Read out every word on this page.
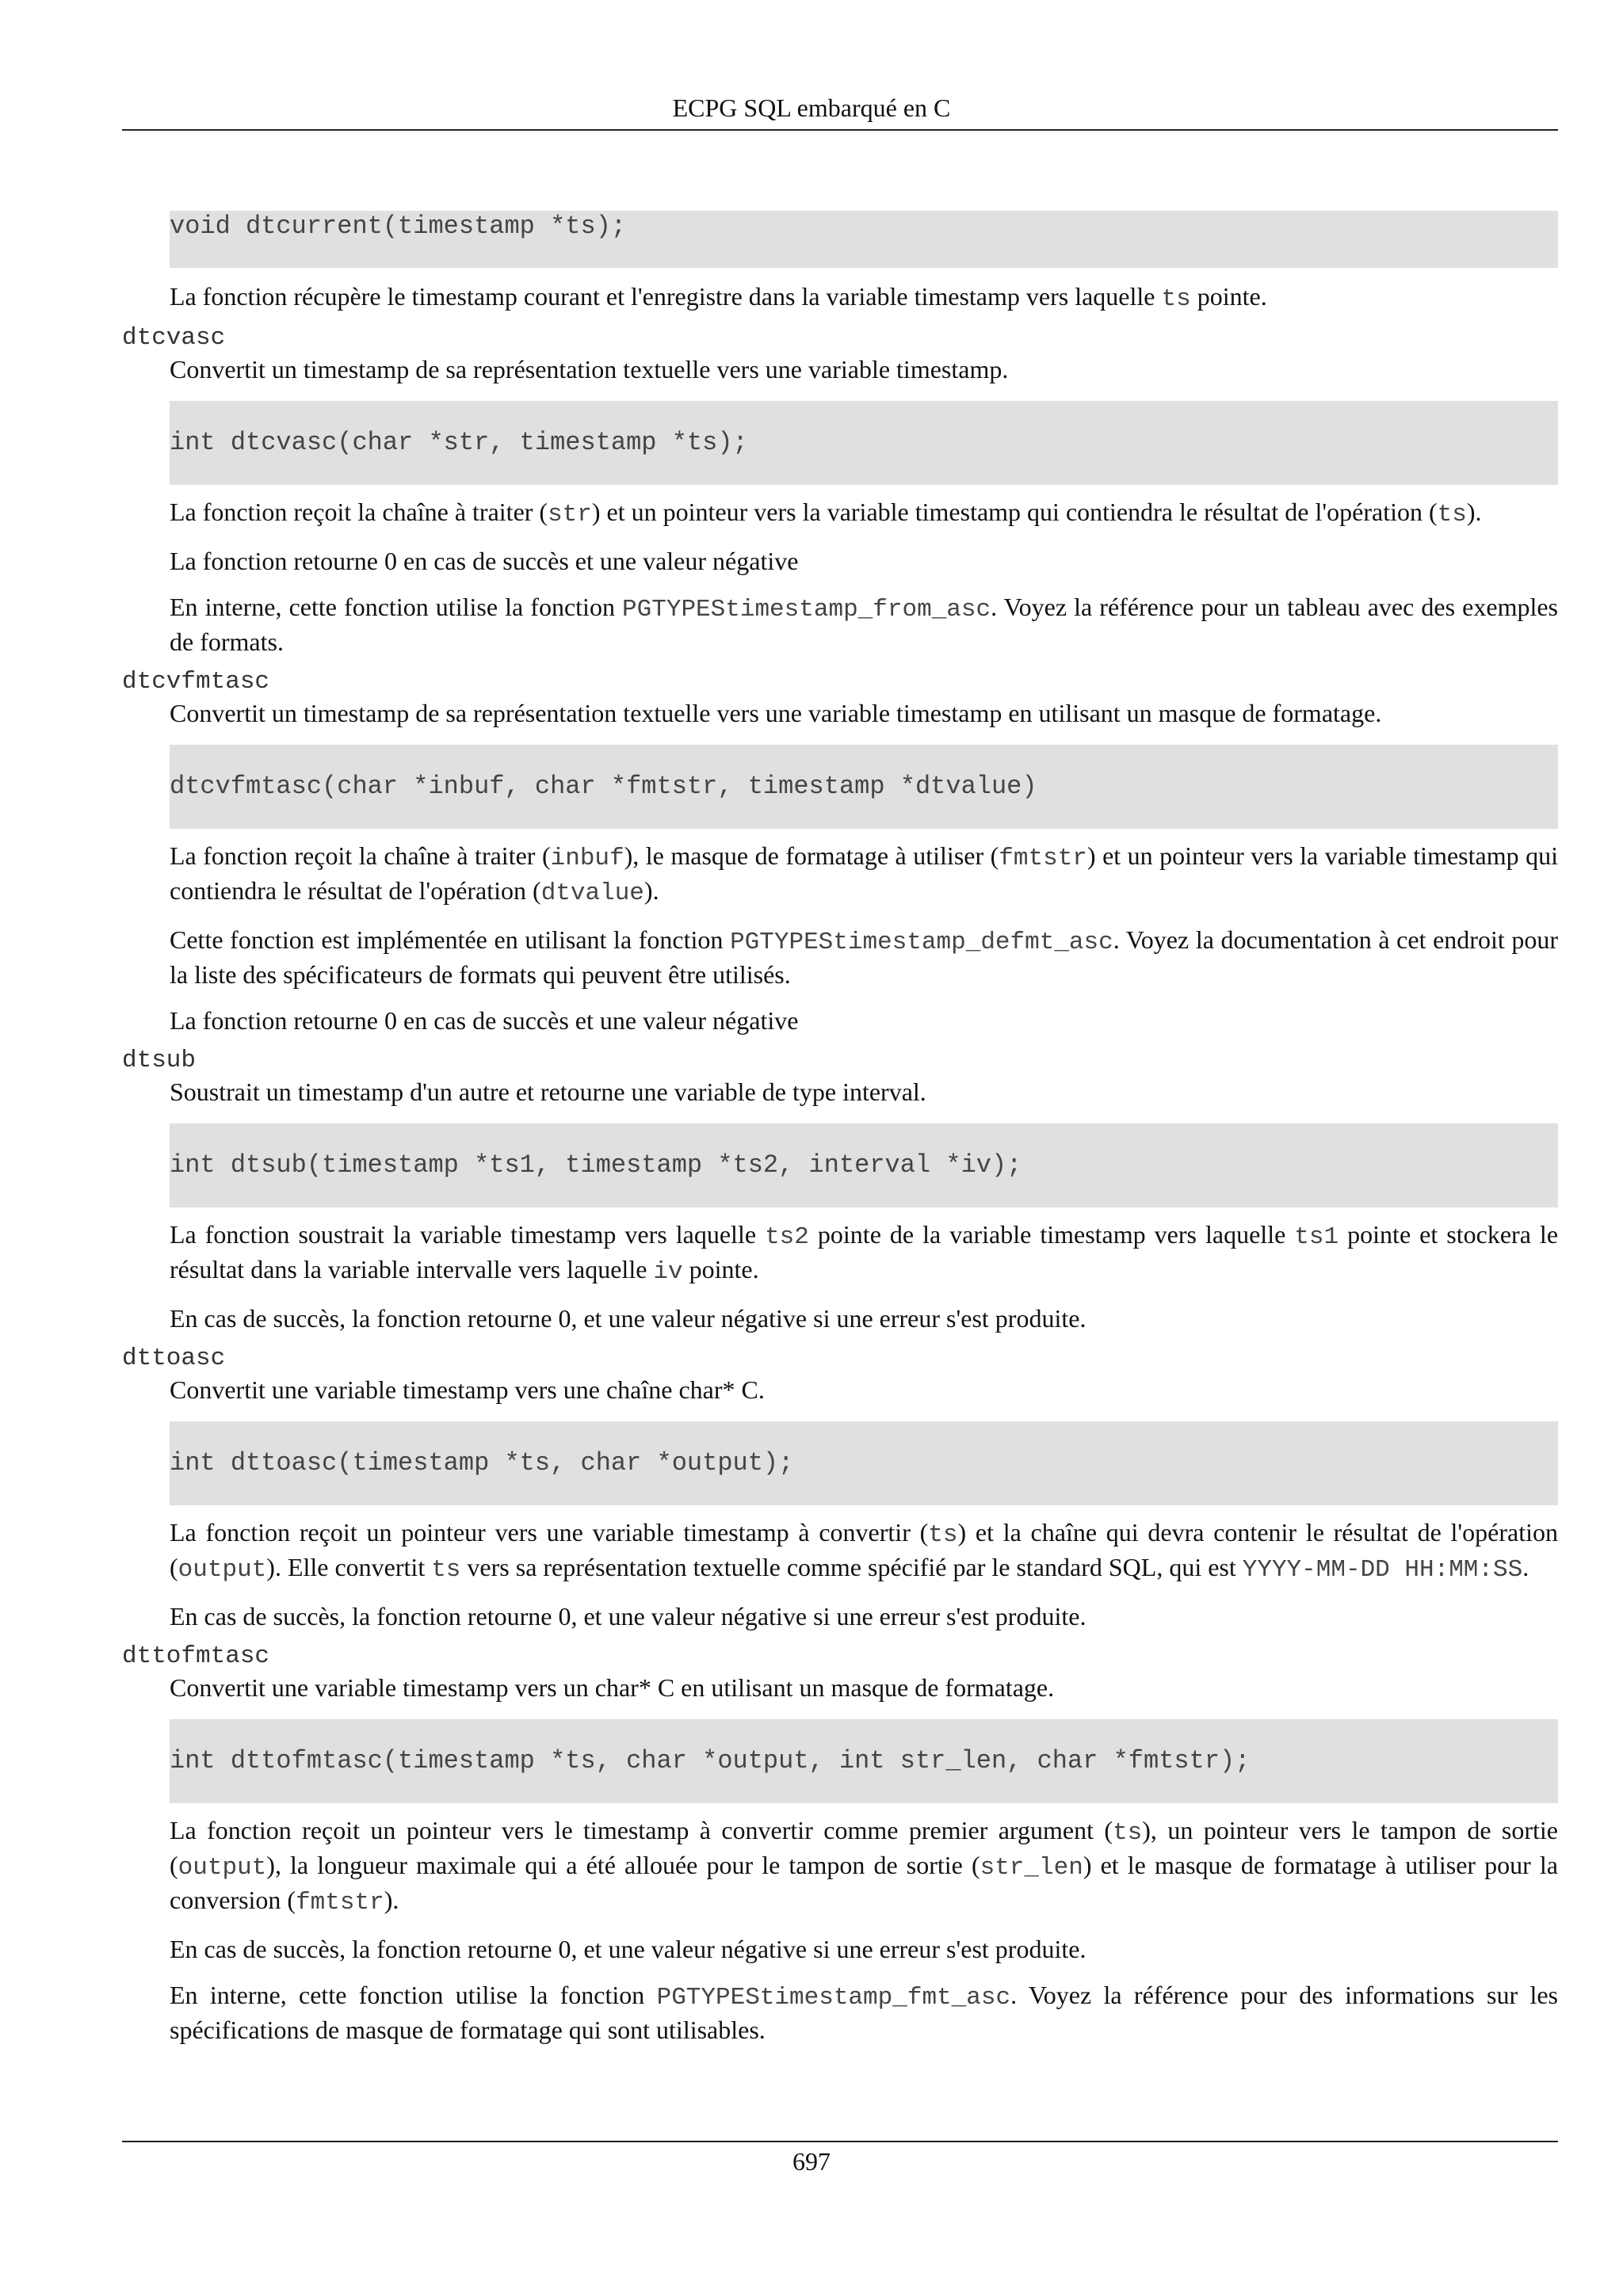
ECPG SQL embarqué en C
void dtcurrent(timestamp *ts);
La fonction récupère le timestamp courant et l'enregistre dans la variable timestamp vers laquelle ts pointe.
dtcvasc
Convertit un timestamp de sa représentation textuelle vers une variable timestamp.
int dtcvasc(char *str, timestamp *ts);
La fonction reçoit la chaîne à traiter (str) et un pointeur vers la variable timestamp qui contiendra le résultat de l'opération (ts).
La fonction retourne 0 en cas de succès et une valeur négative
En interne, cette fonction utilise la fonction PGTYPEStimestamp_from_asc. Voyez la référence pour un tableau avec des exemples de formats.
dtcvfmtasc
Convertit un timestamp de sa représentation textuelle vers une variable timestamp en utilisant un masque de formatage.
dtcvfmtasc(char *inbuf, char *fmtstr, timestamp *dtvalue)
La fonction reçoit la chaîne à traiter (inbuf), le masque de formatage à utiliser (fmtstr) et un pointeur vers la variable timestamp qui contiendra le résultat de l'opération (dtvalue).
Cette fonction est implémentée en utilisant la fonction PGTYPEStimestamp_defmt_asc. Voyez la documentation à cet endroit pour la liste des spécificateurs de formats qui peuvent être utilisés.
La fonction retourne 0 en cas de succès et une valeur négative
dtsub
Soustrait un timestamp d'un autre et retourne une variable de type interval.
int dtsub(timestamp *ts1, timestamp *ts2, interval *iv);
La fonction soustrait la variable timestamp vers laquelle ts2 pointe de la variable timestamp vers laquelle ts1 pointe et stockera le résultat dans la variable intervalle vers laquelle iv pointe.
En cas de succès, la fonction retourne 0, et une valeur négative si une erreur s'est produite.
dttoasc
Convertit une variable timestamp vers une chaîne char* C.
int dttoasc(timestamp *ts, char *output);
La fonction reçoit un pointeur vers une variable timestamp à convertir (ts) et la chaîne qui devra contenir le résultat de l'opération (output). Elle convertit ts vers sa représentation textuelle comme spécifié par le standard SQL, qui est YYYY-MM-DD HH:MM:SS.
En cas de succès, la fonction retourne 0, et une valeur négative si une erreur s'est produite.
dttofmtasc
Convertit une variable timestamp vers un char* C en utilisant un masque de formatage.
int dttofmtasc(timestamp *ts, char *output, int str_len, char *fmtstr);
La fonction reçoit un pointeur vers le timestamp à convertir comme premier argument (ts), un pointeur vers le tampon de sortie (output), la longueur maximale qui a été allouée pour le tampon de sortie (str_len) et le masque de formatage à utiliser pour la conversion (fmtstr).
En cas de succès, la fonction retourne 0, et une valeur négative si une erreur s'est produite.
En interne, cette fonction utilise la fonction PGTYPEStimestamp_fmt_asc. Voyez la référence pour des informations sur les spécifications de masque de formatage qui sont utilisables.
697
